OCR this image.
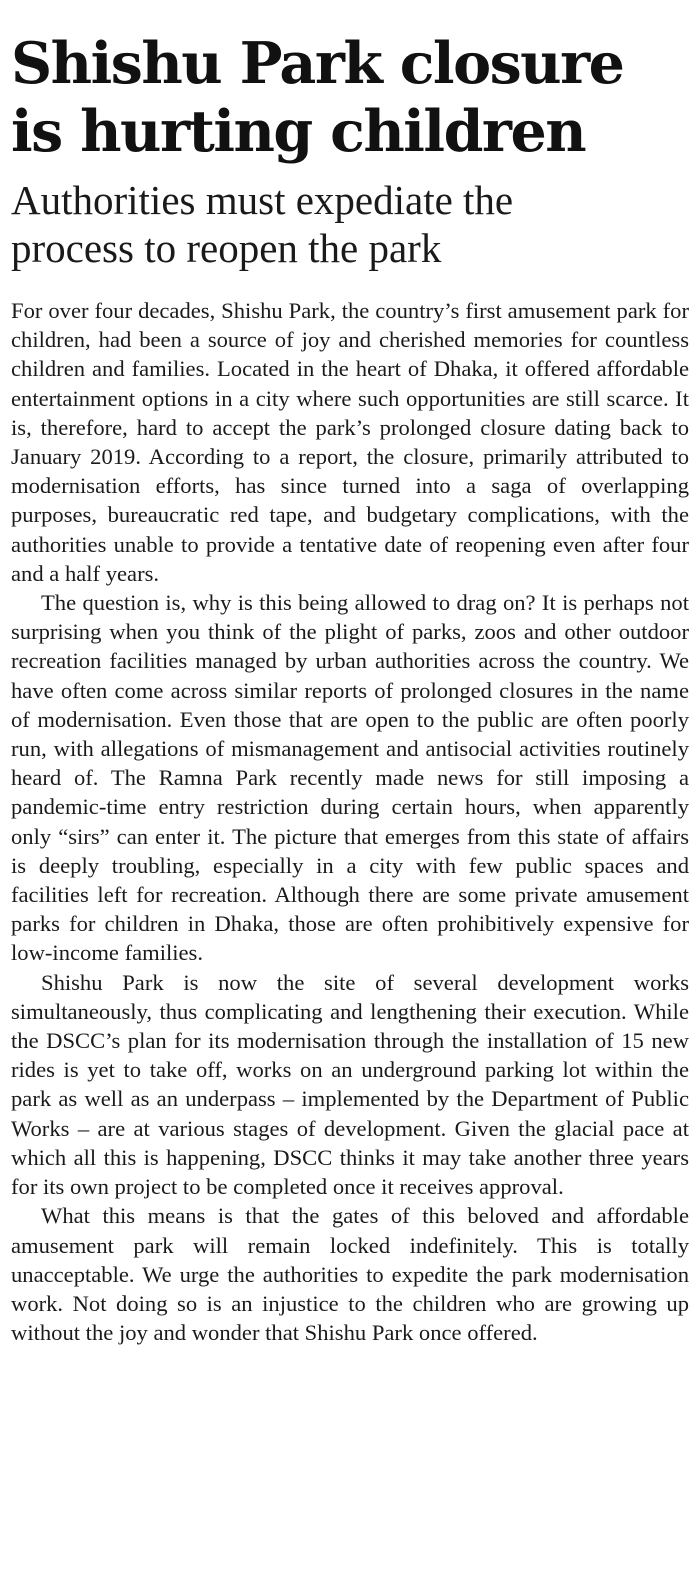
Shishu Park closure
is hurting children
Authorities must expediate the
process to reopen the park

For over four decades, Shishu Park, the country’s first amusement park for children, had been a source of joy and cherished memories for countless children and families. Located in the heart of Dhaka, it offered affordable entertainment options in a city where such opportunities are still scarce. It is, therefore, hard to accept the park’s prolonged closure dating back to January 2019. According to a report, the closure, primarily attributed to modernisation efforts, has since turned into a saga of overlapping purposes, bureaucratic red tape, and budgetary complications, with the authorities unable to provide a tentative date of reopening even after four and a half years.

The question is, why is this being allowed to drag on? It is perhaps not surprising when you think of the plight of parks, zoos and other outdoor recreation facilities managed by urban authorities across the country. We have often come across similar reports of prolonged closures in the name of modernisation. Even those that are open to the public are often poorly run, with allegations of mismanagement and antisocial activities routinely heard of. The Ramna Park recently made news for still imposing a pandemic-time entry restriction during certain hours, when apparently only “sirs” can enter it. The picture that emerges from this state of affairs is deeply troubling, especially in a city with few public spaces and facilities left for recreation. Although there are some private amusement parks for children in Dhaka, those are often prohibitively expensive for low-income families.

Shishu Park is now the site of several development works simultaneously, thus complicating and lengthening their execution. While the DSCC’s plan for its modernisation through the installation of 15 new rides is yet to take off, works on an underground parking lot within the park as well as an underpass – implemented by the Department of Public Works – are at various stages of development. Given the glacial pace at which all this is happening, DSCC thinks it may take another three years for its own project to be completed once it receives approval.

What this means is that the gates of this beloved and affordable amusement park will remain locked indefinitely. This is totally unacceptable. We urge the authorities to expedite the park modernisation work. Not doing so is an injustice to the children who are growing up without the joy and wonder that Shishu Park once offered.
